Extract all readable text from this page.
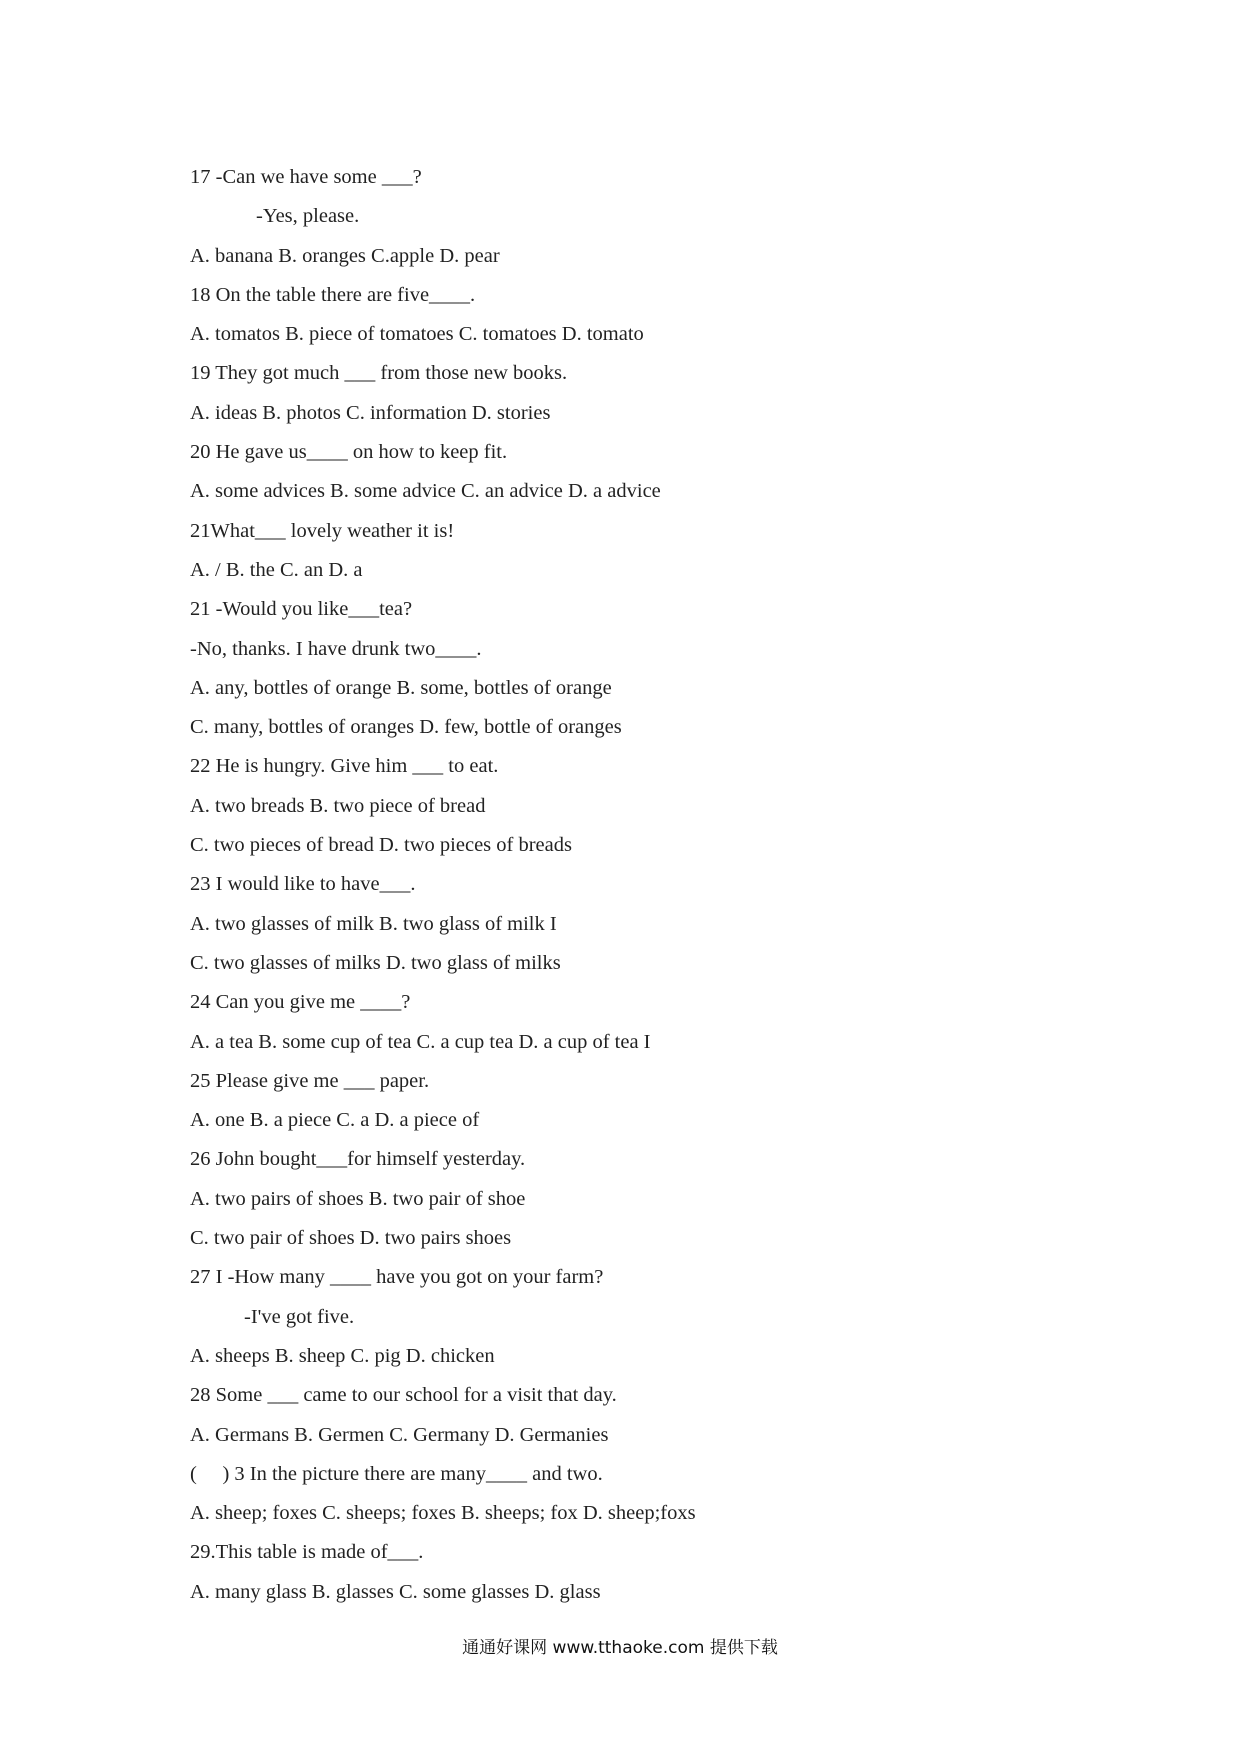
17 -Can we have some ___?
-Yes, please.
A. banana B. oranges C.apple D. pear
18 On the table there are five____.
A. tomatos B. piece of tomatoes C. tomatoes D. tomato
19 They got much ___ from those new books.
A. ideas B. photos C. information D. stories
20 He gave us____ on how to keep fit.
A. some advices B. some advice C. an advice D. a advice
21What___ lovely weather it is!
A. / B. the C. an D. a
21 -Would you like___tea?
-No, thanks. I have drunk two____.
A. any, bottles of orange B. some, bottles of orange
C. many, bottles of oranges D. few, bottle of oranges
22 He is hungry. Give him ___ to eat.
A. two breads B. two piece of bread
C. two pieces of bread D. two pieces of breads
23 I would like to have___.
A. two glasses of milk B. two glass of milk I
C. two glasses of milks D. two glass of milks
24 Can you give me ____?
A. a tea B. some cup of tea C. a cup tea D. a cup of tea I
25 Please give me ___ paper.
A. one B. a piece C. a D. a piece of
26 John bought___for himself yesterday.
A. two pairs of shoes B. two pair of shoe
C. two pair of shoes D. two pairs shoes
27 I -How many ____ have you got on your farm?
-I've got five.
A. sheeps B. sheep C. pig D. chicken
28 Some ___ came to our school for a visit that day.
A. Germans B. Germen C. Germany D. Germanies
(     ) 3 In the picture there are many____ and two.
A. sheep; foxes C. sheeps; foxes B. sheeps; fox D. sheep;foxs
29.This table is made of___.
A. many glass B. glasses C. some glasses D. glass
通通好课网 www.tthaoke.com 提供下载
